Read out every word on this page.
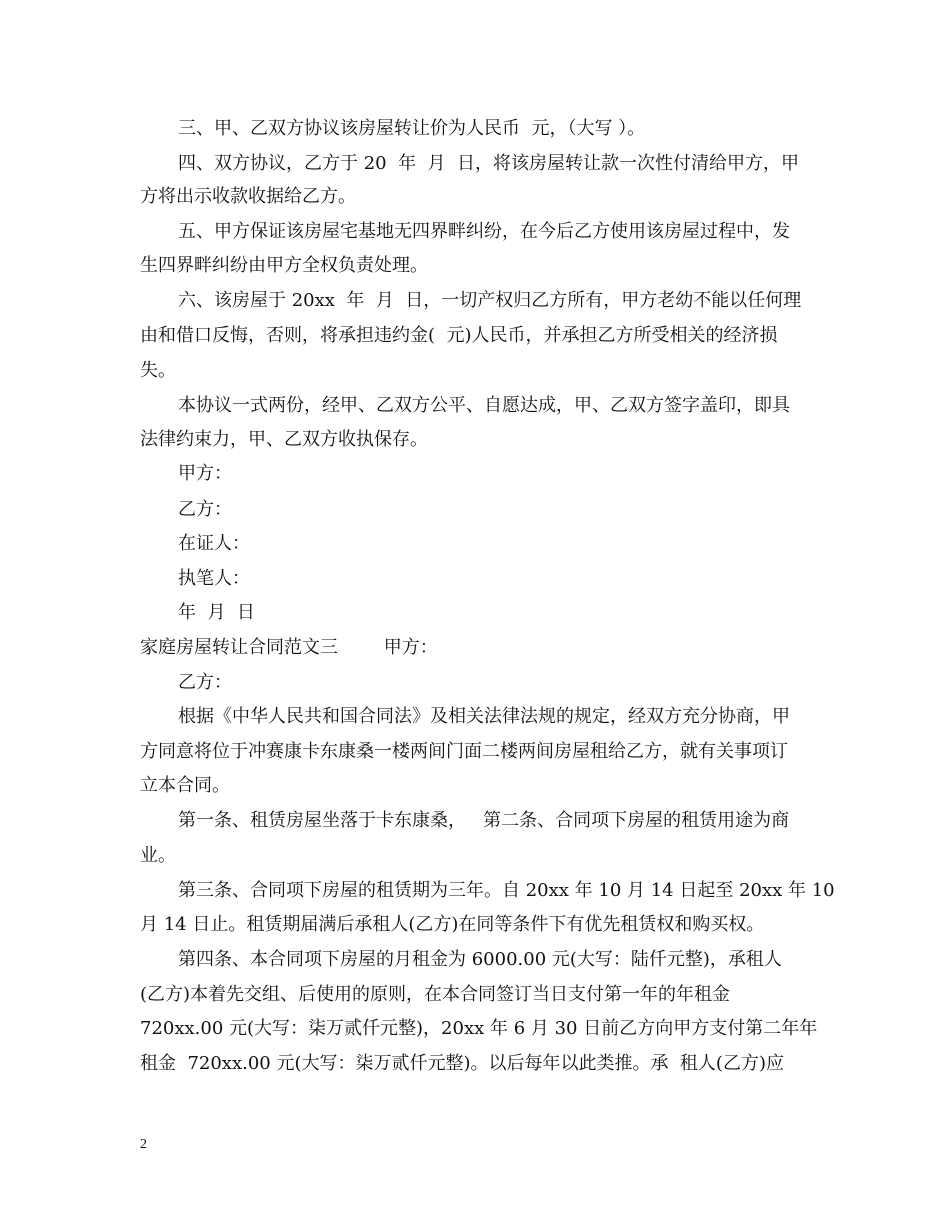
三、甲、乙双方协议该房屋转让价为人民币  元，（大写 ）。
四、双方协议，乙方于 20  年  月  日，将该房屋转让款一次性付清给甲方，甲
方将出示收款收据给乙方。
五、甲方保证该房屋宅基地无四界畔纠纷，在今后乙方使用该房屋过程中，发
生四界畔纠纷由甲方全权负责处理。
六、该房屋于 20xx  年  月  日，一切产权归乙方所有，甲方老幼不能以任何理
由和借口反悔，否则，将承担违约金(  元)人民币，并承担乙方所受相关的经济损
失。
本协议一式两份，经甲、乙双方公平、自愿达成，甲、乙双方签字盖印，即具
法律约束力，甲、乙双方收执保存。
甲方：
乙方：
在证人：
执笔人：
年  月  日
家庭房屋转让合同范文三        甲方：
乙方：
根据《中华人民共和国合同法》及相关法律法规的规定，经双方充分协商，甲
方同意将位于冲赛康卡东康桑一楼两间门面二楼两间房屋租给乙方，就有关事项订
立本合同。
第一条、租赁房屋坐落于卡东康桑，   第二条、合同项下房屋的租赁用途为商
业。
第三条、合同项下房屋的租赁期为三年。自 20xx 年 10 月 14 日起至 20xx 年 10
月 14 日止。租赁期届满后承租人(乙方)在同等条件下有优先租赁权和购买权。
第四条、本合同项下房屋的月租金为 6000.00 元(大写：陆仟元整)，承租人
(乙方)本着先交组、后使用的原则，在本合同签订当日支付第一年的年租金
720xx.00 元(大写：柒万贰仟元整)，20xx 年 6 月 30 日前乙方向甲方支付第二年年
租金  720xx.00 元(大写：柒万贰仟元整)。以后每年以此类推。承  租人(乙方)应
2
